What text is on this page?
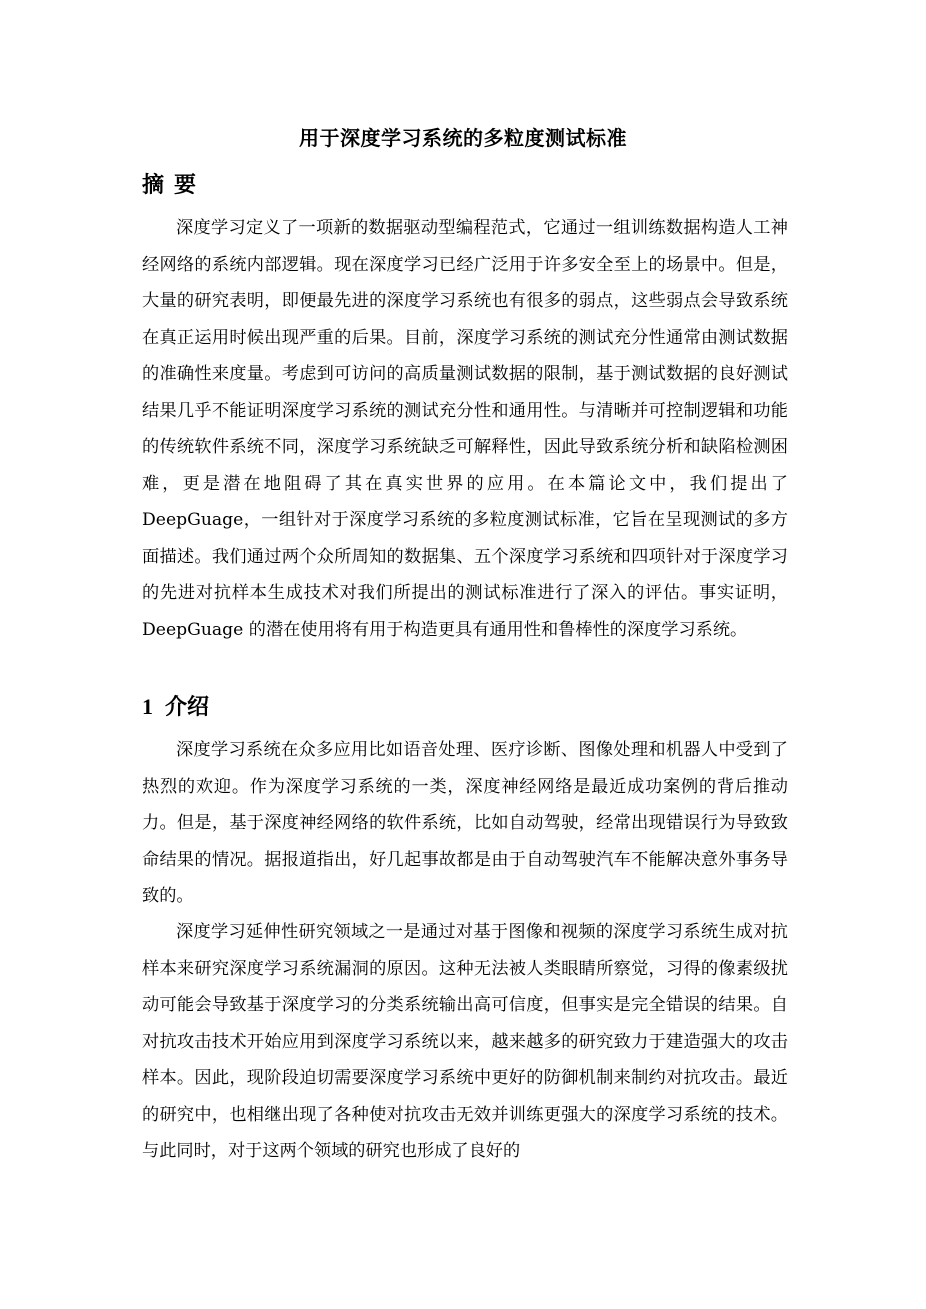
用于深度学习系统的多粒度测试标准
摘要

深度学习定义了一项新的数据驱动型编程范式，它通过一组训练数据构造人工神经网络的系统内部逻辑。现在深度学习已经广泛用于许多安全至上的场景中。但是，大量的研究表明，即便最先进的深度学习系统也有很多的弱点，这些弱点会导致系统在真正运用时候出现严重的后果。目前，深度学习系统的测试充分性通常由测试数据的准确性来度量。考虑到可访问的高质量测试数据的限制，基于测试数据的良好测试结果几乎不能证明深度学习系统的测试充分性和通用性。与清晰并可控制逻辑和功能的传统软件系统不同，深度学习系统缺乏可解释性，因此导致系统分析和缺陷检测困难，更是潜在地阻碍了其在真实世界的应用。在本篇论文中，我们提出了 DeepGuage，一组针对于深度学习系统的多粒度测试标准，它旨在呈现测试的多方面描述。我们通过两个众所周知的数据集、五个深度学习系统和四项针对于深度学习的先进对抗样本生成技术对我们所提出的测试标准进行了深入的评估。事实证明，DeepGuage 的潜在使用将有用于构造更具有通用性和鲁棒性的深度学习系统。

1 介绍

深度学习系统在众多应用比如语音处理、医疗诊断、图像处理和机器人中受到了热烈的欢迎。作为深度学习系统的一类，深度神经网络是最近成功案例的背后推动力。但是，基于深度神经网络的软件系统，比如自动驾驶，经常出现错误行为导致致命结果的情况。据报道指出，好几起事故都是由于自动驾驶汽车不能解决意外事务导致的。

深度学习延伸性研究领域之一是通过对基于图像和视频的深度学习系统生成对抗样本来研究深度学习系统漏洞的原因。这种无法被人类眼睛所察觉，习得的像素级扰动可能会导致基于深度学习的分类系统输出高可信度，但事实是完全错误的结果。自对抗攻击技术开始应用到深度学习系统以来，越来越多的研究致力于建造强大的攻击样本。因此，现阶段迫切需要深度学习系统中更好的防御机制来制约对抗攻击。最近的研究中，也相继出现了各种使对抗攻击无效并训练更强大的深度学习系统的技术。与此同时，对于这两个领域的研究也形成了良好的
